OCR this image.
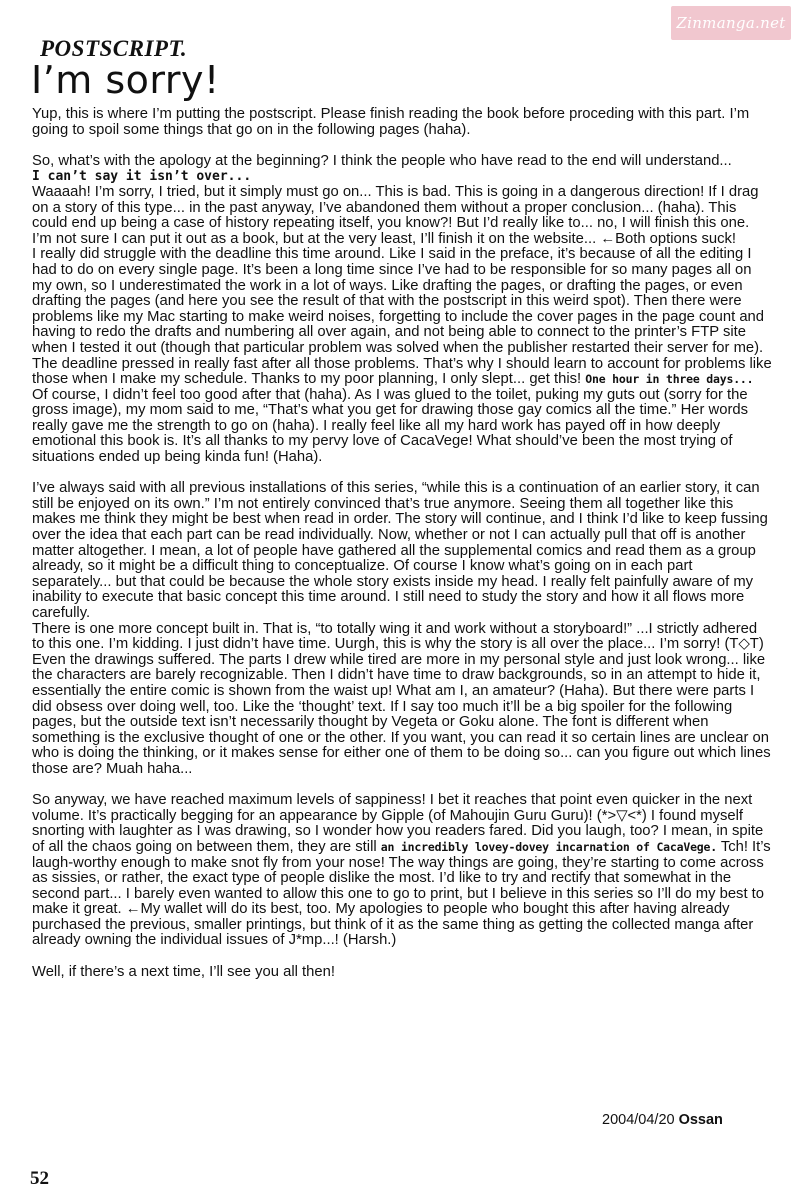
Zinmanga.net
POSTSCRIPT.
I’m sorry!

Yup, this is where I’m putting the postscript. Please finish reading the book before proceding with this part. I’m going to spoil some things that go on in the following pages (haha).

So, what’s with the apology at the beginning? I think the people who have read to the end will understand...

I can’t say it isn’t over...

Waaaah! I’m sorry, I tried, but it simply must go on... This is bad. This is going in a dangerous direction! If I drag on a story of this type... in the past anyway, I’ve abandoned them without a proper conclusion... (haha). This could end up being a case of history repeating itself, you know?! But I’d really like to... no, I will finish this one. I’m not sure I can put it out as a book, but at the very least, I’ll finish it on the website... ←Both options suck!

I really did struggle with the deadline this time around. Like I said in the preface, it’s because of all the editing I had to do on every single page. It’s been a long time since I’ve had to be responsible for so many pages all on my own, so I underestimated the work in a lot of ways. Like drafting the pages, or drafting the pages, or even drafting the pages (and here you see the result of that with the postscript in this weird spot). Then there were problems like my Mac starting to make weird noises, forgetting to include the cover pages in the page count and having to redo the drafts and numbering all over again, and not being able to connect to the printer’s FTP site when I tested it out (though that particular problem was solved when the publisher restarted their server for me). The deadline pressed in really fast after all those problems. That’s why I should learn to account for problems like those when I make my schedule. Thanks to my poor planning, I only slept... get this! One hour in three days... Of course, I didn’t feel too good after that (haha). As I was glued to the toilet, puking my guts out (sorry for the gross image), my mom said to me, “That’s what you get for drawing those gay comics all the time.” Her words really gave me the strength to go on (haha). I really feel like all my hard work has payed off in how deeply emotional this book is. It’s all thanks to my pervy love of CacaVege! What should’ve been the most trying of situations ended up being kinda fun! (Haha).

I’ve always said with all previous installations of this series, “while this is a continuation of an earlier story, it can still be enjoyed on its own.” I’m not entirely convinced that’s true anymore. Seeing them all together like this makes me think they might be best when read in order. The story will continue, and I think I’d like to keep fussing over the idea that each part can be read individually. Now, whether or not I can actually pull that off is another matter altogether. I mean, a lot of people have gathered all the supplemental comics and read them as a group already, so it might be a difficult thing to conceptualize. Of course I know what’s going on in each part separately... but that could be because the whole story exists inside my head. I really felt painfully aware of my inability to execute that basic concept this time around. I still need to study the story and how it all flows more carefully.

There is one more concept built in. That is, “to totally wing it and work without a storyboard!” ...I strictly adhered to this one. I’m kidding. I just didn’t have time. Uurgh, this is why the story is all over the place... I’m sorry! (T◇T) Even the drawings suffered. The parts I drew while tired are more in my personal style and just look wrong... like the characters are barely recognizable. Then I didn’t have time to draw backgrounds, so in an attempt to hide it, essentially the entire comic is shown from the waist up! What am I, an amateur? (Haha). But there were parts I did obsess over doing well, too. Like the ‘thought’ text. If I say too much it’ll be a big spoiler for the following pages, but the outside text isn’t necessarily thought by Vegeta or Goku alone. The font is different when something is the exclusive thought of one or the other. If you want, you can read it so certain lines are unclear on who is doing the thinking, or it makes sense for either one of them to be doing so... can you figure out which lines those are? Muah haha...

So anyway, we have reached maximum levels of sappiness! I bet it reaches that point even quicker in the next volume. It’s practically begging for an appearance by Gipple (of Mahoujin Guru Guru)! (*>▽<*) I found myself snorting with laughter as I was drawing, so I wonder how you readers fared. Did you laugh, too? I mean, in spite of all the chaos going on between them, they are still an incredibly lovey-dovey incarnation of CacaVege. Tch! It’s laugh-worthy enough to make snot fly from your nose! The way things are going, they’re starting to come across as sissies, or rather, the exact type of people dislike the most. I’d like to try and rectify that somewhat in the second part... I barely even wanted to allow this one to go to print, but I believe in this series so I’ll do my best to make it great. ←My wallet will do its best, too. My apologies to people who bought this after having already purchased the previous, smaller printings, but think of it as the same thing as getting the collected manga after already owning the individual issues of J*mp...! (Harsh.)

Well, if there’s a next time, I’ll see you all then!

2004/04/20 Ossan
52
